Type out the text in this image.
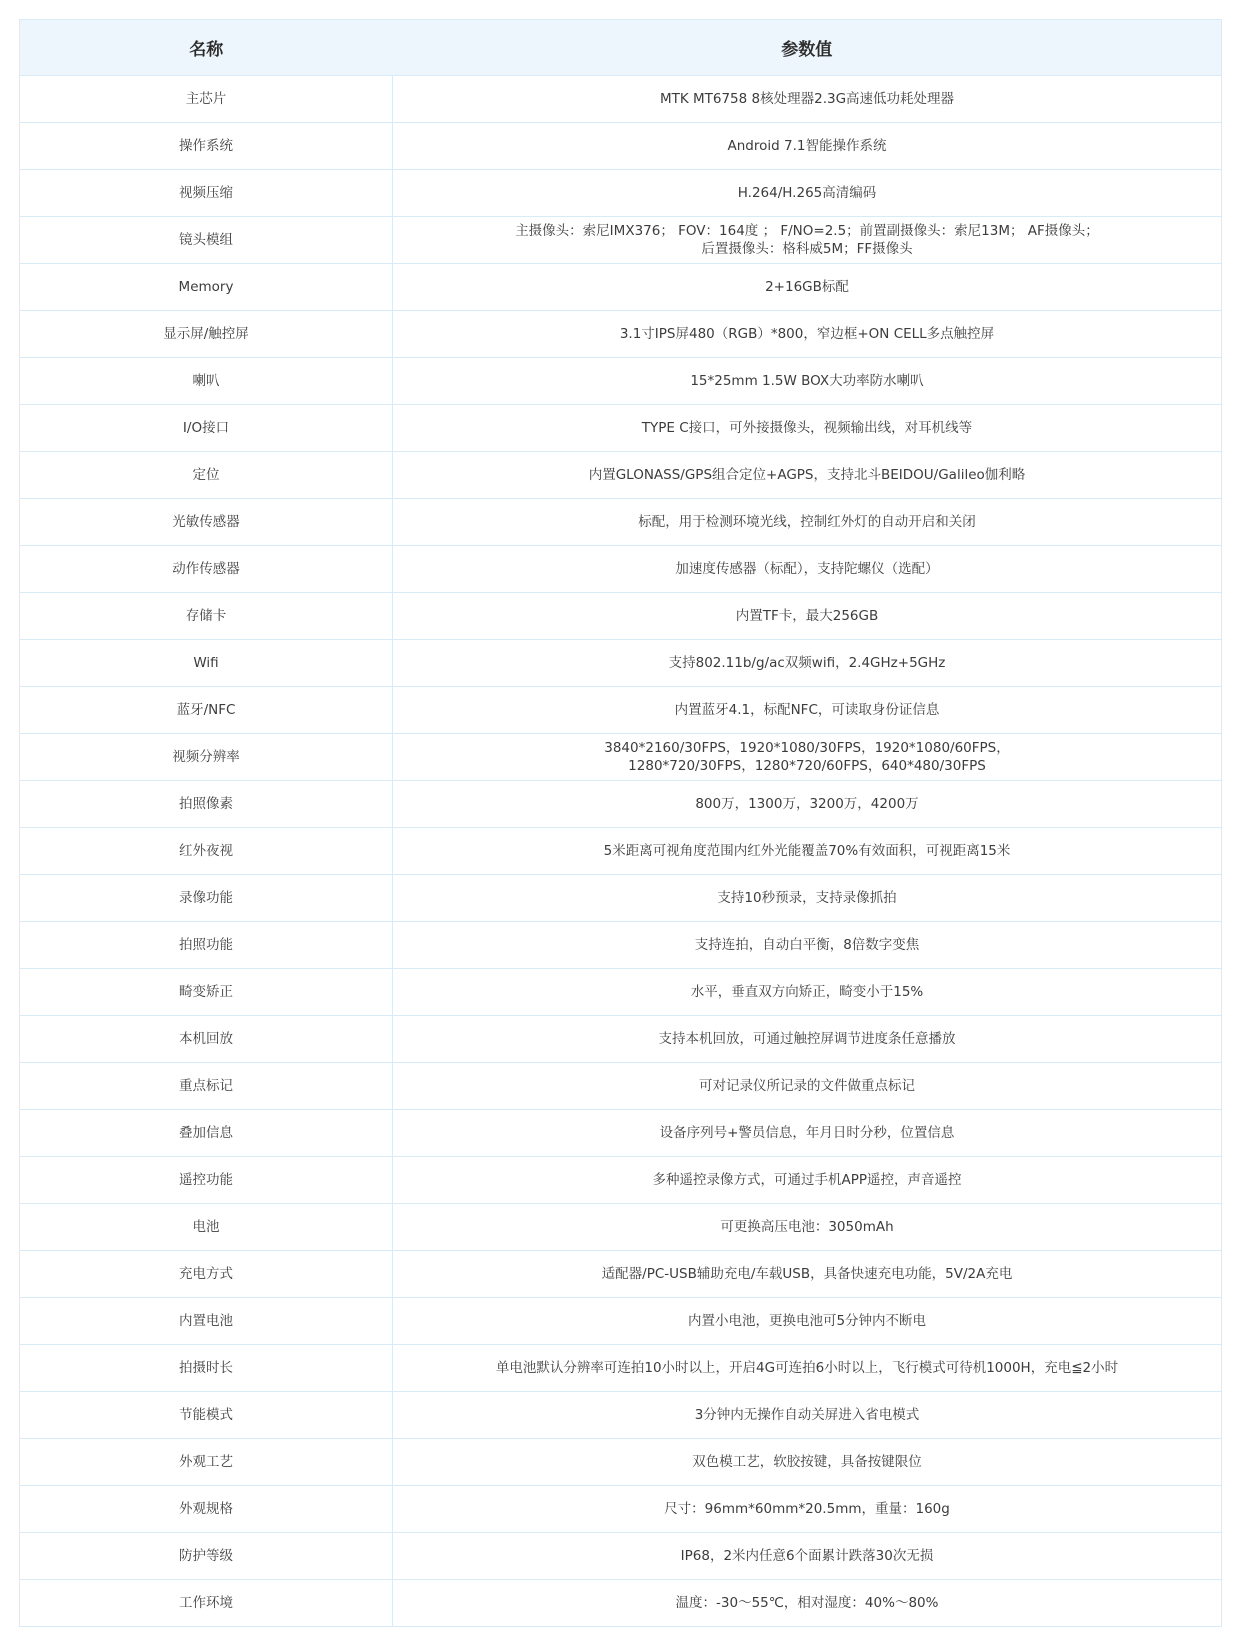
名称	参数值
主芯片	MTK MT6758 8核处理器2.3G高速低功耗处理器
操作系统	Android 7.1智能操作系统
视频压缩	H.264/H.265高清编码
镜头模组	主摄像头：索尼IMX376； FOV：164度 ； F/NO=2.5；前置副摄像头：索尼13M； AF摄像头；
后置摄像头：格科威5M；FF摄像头
Memory	2+16GB标配
显示屏/触控屏	3.1寸IPS屏480（RGB）*800，窄边框+ON CELL多点触控屏
喇叭	15*25mm 1.5W BOX大功率防水喇叭
I/O接口	TYPE C接口，可外接摄像头，视频输出线，对耳机线等
定位	内置GLONASS/GPS组合定位+AGPS，支持北斗BEIDOU/Galileo伽利略
光敏传感器	标配，用于检测环境光线，控制红外灯的自动开启和关闭
动作传感器	加速度传感器（标配），支持陀螺仪（选配）
存储卡	内置TF卡，最大256GB
Wifi	支持802.11b/g/ac双频wifi，2.4GHz+5GHz
蓝牙/NFC	内置蓝牙4.1，标配NFC，可读取身份证信息
视频分辨率	3840*2160/30FPS，1920*1080/30FPS，1920*1080/60FPS，
1280*720/30FPS，1280*720/60FPS，640*480/30FPS
拍照像素	800万，1300万，3200万，4200万
红外夜视	5米距离可视角度范围内红外光能覆盖70%有效面积，可视距离15米
录像功能	支持10秒预录，支持录像抓拍
拍照功能	支持连拍，自动白平衡，8倍数字变焦
畸变矫正	水平，垂直双方向矫正，畸变小于15%
本机回放	支持本机回放，可通过触控屏调节进度条任意播放
重点标记	可对记录仪所记录的文件做重点标记
叠加信息	设备序列号+警员信息，年月日时分秒，位置信息
遥控功能	多种遥控录像方式，可通过手机APP遥控，声音遥控
电池	可更换高压电池：3050mAh
充电方式	适配器/PC-USB辅助充电/车载USB，具备快速充电功能，5V/2A充电
内置电池	内置小电池，更换电池可5分钟内不断电
拍摄时长	单电池默认分辨率可连拍10小时以上，开启4G可连拍6小时以上，飞行模式可待机1000H，充电≦2小时
节能模式	3分钟内无操作自动关屏进入省电模式
外观工艺	双色模工艺，软胶按键，具备按键限位
外观规格	尺寸：96mm*60mm*20.5mm，重量：160g
防护等级	IP68，2米内任意6个面累计跌落30次无损
工作环境	温度：-30～55℃，相对湿度：40%～80%
